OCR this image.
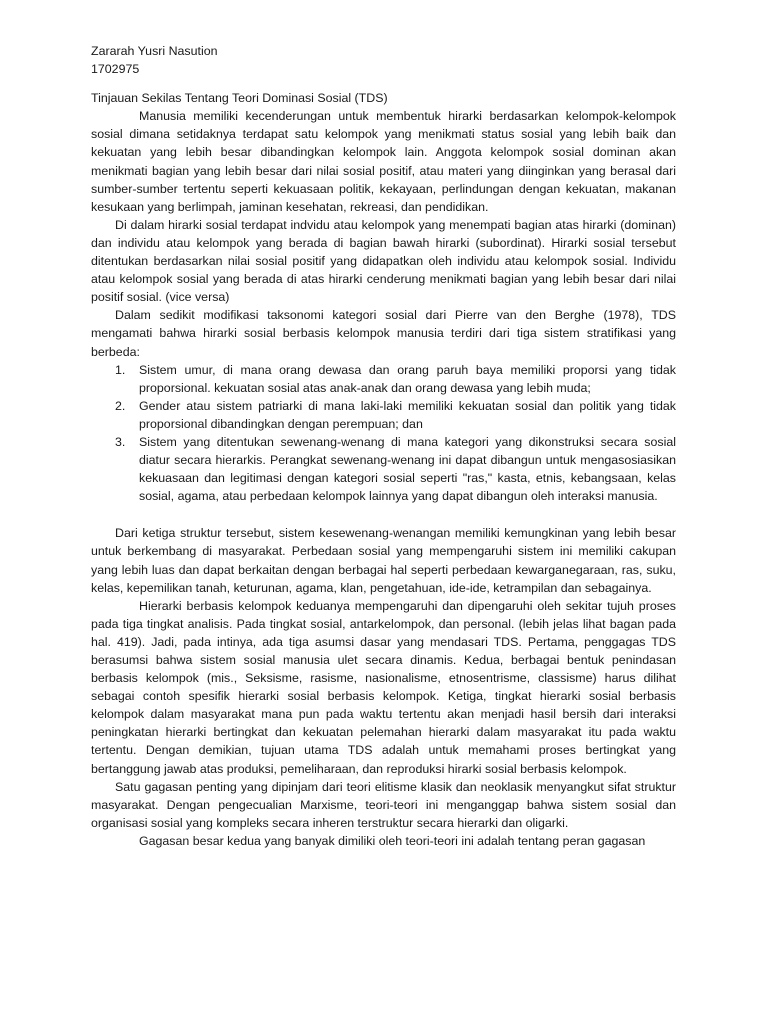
Zararah Yusri Nasution

1702975

Tinjauan Sekilas Tentang Teori Dominasi Sosial (TDS)

Manusia memiliki kecenderungan untuk membentuk hirarki berdasarkan kelompok-kelompok sosial dimana setidaknya terdapat satu kelompok yang menikmati status sosial yang lebih baik dan kekuatan yang lebih besar dibandingkan kelompok lain. Anggota kelompok sosial dominan akan menikmati bagian yang lebih besar dari nilai sosial positif, atau materi yang diinginkan yang berasal dari sumber-sumber tertentu seperti kekuasaan politik, kekayaan, perlindungan dengan kekuatan, makanan kesukaan yang berlimpah, jaminan kesehatan, rekreasi, dan pendidikan.

Di dalam hirarki sosial terdapat indvidu atau kelompok yang menempati bagian atas hirarki (dominan) dan individu atau kelompok yang berada di bagian bawah hirarki (subordinat). Hirarki sosial tersebut ditentukan berdasarkan nilai sosial positif yang didapatkan oleh individu atau kelompok sosial. Individu atau kelompok sosial yang berada di atas hirarki cenderung menikmati bagian yang lebih besar dari nilai positif sosial. (vice versa)

Dalam sedikit modifikasi taksonomi kategori sosial dari Pierre van den Berghe (1978), TDS mengamati bahwa hirarki sosial berbasis kelompok manusia terdiri dari tiga sistem stratifikasi yang berbeda:

1. Sistem umur, di mana orang dewasa dan orang paruh baya memiliki proporsi yang tidak proporsional. kekuatan sosial atas anak-anak dan orang dewasa yang lebih muda;
2. Gender atau sistem patriarki di mana laki-laki memiliki kekuatan sosial dan politik yang tidak proporsional dibandingkan dengan perempuan; dan
3. Sistem yang ditentukan sewenang-wenang di mana kategori yang dikonstruksi secara sosial diatur secara hierarkis. Perangkat sewenang-wenang ini dapat dibangun untuk mengasosiasikan kekuasaan dan legitimasi dengan kategori sosial seperti "ras," kasta, etnis, kebangsaan, kelas sosial, agama, atau perbedaan kelompok lainnya yang dapat dibangun oleh interaksi manusia.

Dari ketiga struktur tersebut, sistem kesewenang-wenangan memiliki kemungkinan yang lebih besar untuk berkembang di masyarakat. Perbedaan sosial yang mempengaruhi sistem ini memiliki cakupan yang lebih luas dan dapat berkaitan dengan berbagai hal seperti perbedaan kewarganegaraan, ras, suku, kelas, kepemilikan tanah, keturunan, agama, klan, pengetahuan, ide-ide, ketrampilan dan sebagainya.

Hierarki berbasis kelompok keduanya mempengaruhi dan dipengaruhi oleh sekitar tujuh proses pada tiga tingkat analisis. Pada tingkat sosial, antarkelompok, dan personal. (lebih jelas lihat bagan pada hal. 419). Jadi, pada intinya, ada tiga asumsi dasar yang mendasari TDS. Pertama, penggagas TDS berasumsi bahwa sistem sosial manusia ulet secara dinamis. Kedua, berbagai bentuk penindasan berbasis kelompok (mis., Seksisme, rasisme, nasionalisme, etnosentrisme, classisme) harus dilihat sebagai contoh spesifik hierarki sosial berbasis kelompok. Ketiga, tingkat hierarki sosial berbasis kelompok dalam masyarakat mana pun pada waktu tertentu akan menjadi hasil bersih dari interaksi peningkatan hierarki bertingkat dan kekuatan pelemahan hierarki dalam masyarakat itu pada waktu tertentu. Dengan demikian, tujuan utama TDS adalah untuk memahami proses bertingkat yang bertanggung jawab atas produksi, pemeliharaan, dan reproduksi hirarki sosial berbasis kelompok.

Satu gagasan penting yang dipinjam dari teori elitisme klasik dan neoklasik menyangkut sifat struktur masyarakat. Dengan pengecualian Marxisme, teori-teori ini menganggap bahwa sistem sosial dan organisasi sosial yang kompleks secara inheren terstruktur secara hierarki dan oligarki.

Gagasan besar kedua yang banyak dimiliki oleh teori-teori ini adalah tentang peran gagasan
